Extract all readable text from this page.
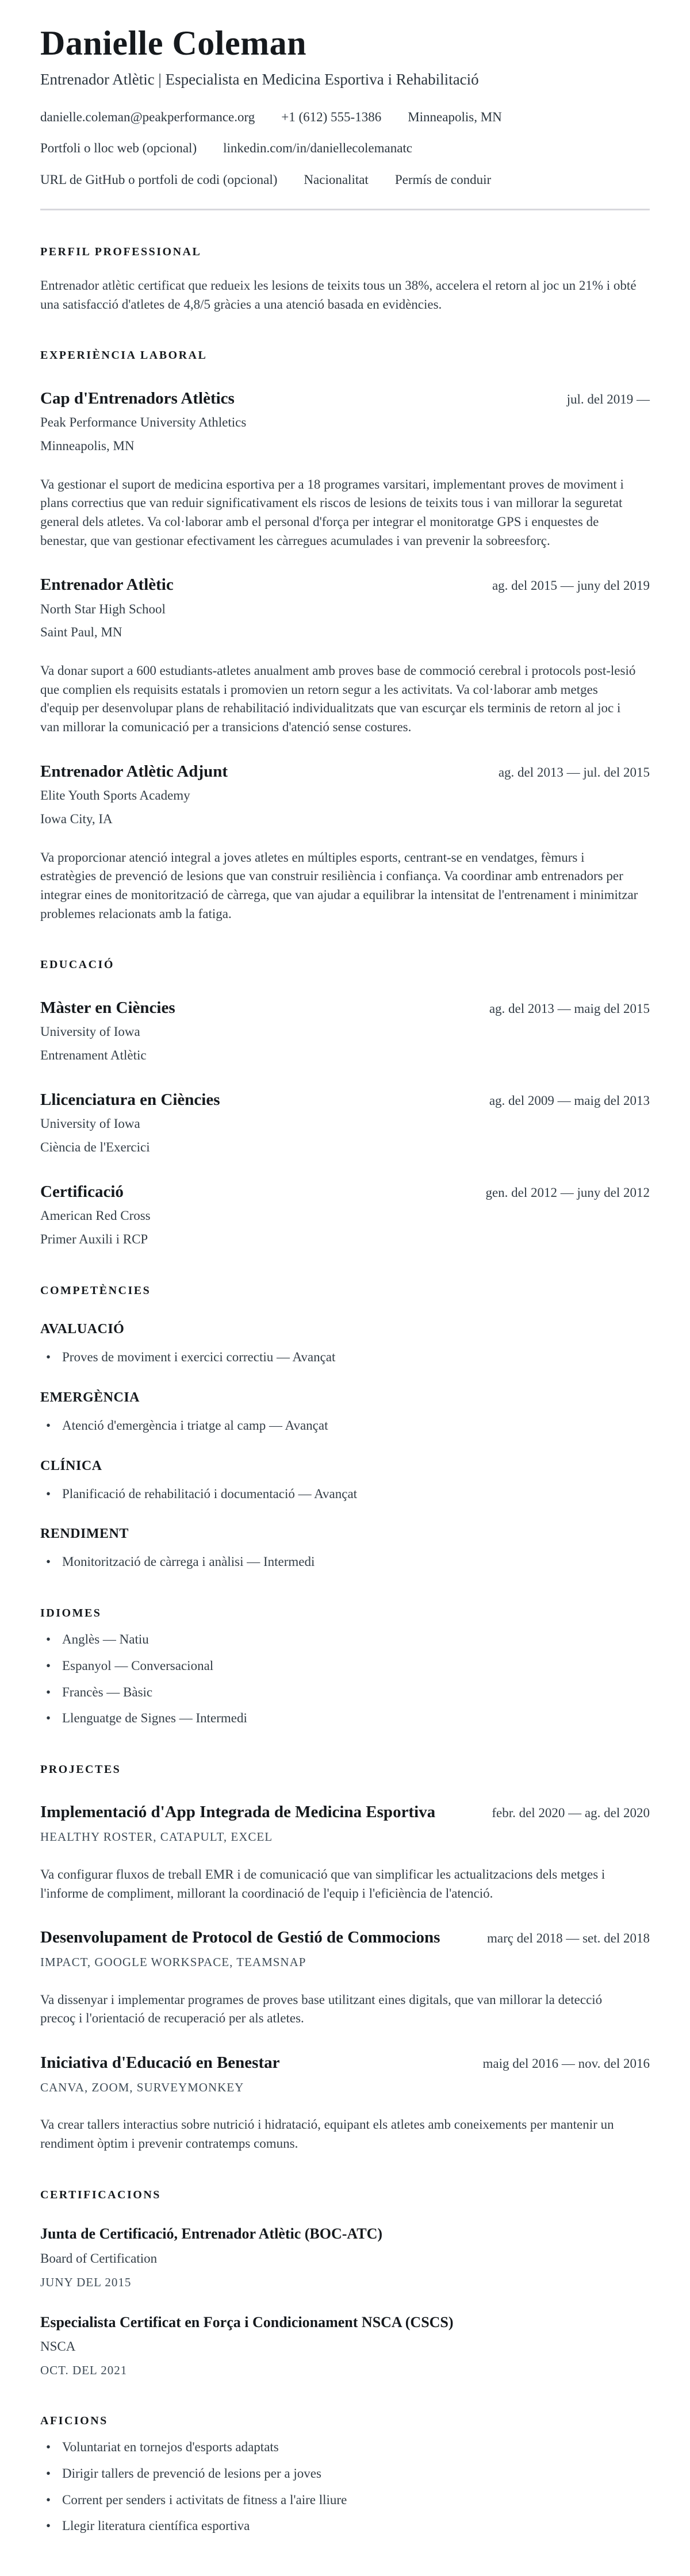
Danielle Coleman

Entrenador Atlètic | Especialista en Medicina Esportiva i Rehabilitació

danielle.coleman@peakperformance.org +1 (612) 555-1386 Minneapolis, MN
Portfoli o lloc web (opcional) linkedin.com/in/daniellecolemanatc
URL de GitHub o portfoli de codi (opcional) Nacionalitat Permís de conduir
PERFIL PROFESSIONAL

Entrenador atlètic certificat que redueix les lesions de teixits tous un 38%, accelera el retorn al joc un 21% i obté una satisfacció d'atletes de 4,8/5 gràcies a una atenció basada en evidències.

EXPERIÈNCIA LABORAL
Cap d'Entrenadors Atlètics	jul. del 2019 —

Peak Performance University Athletics

Minneapolis, MN

Va gestionar el suport de medicina esportiva per a 18 programes varsitari, implementant proves de moviment i plans correctius que van reduir significativament els riscos de lesions de teixits tous i van millorar la seguretat general dels atletes. Va col·laborar amb el personal d'força per integrar el monitoratge GPS i enquestes de benestar, que van gestionar efectivament les càrregues acumulades i van prevenir la sobreesforç.

Entrenador Atlètic	ag. del 2015 — juny del 2019

North Star High School

Saint Paul, MN

Va donar suport a 600 estudiants-atletes anualment amb proves base de commoció cerebral i protocols post-lesió que complien els requisits estatals i promovien un retorn segur a les activitats. Va col·laborar amb metges d'equip per desenvolupar plans de rehabilitació individualitzats que van escurçar els terminis de retorn al joc i van millorar la comunicació per a transicions d'atenció sense costures.

Entrenador Atlètic Adjunt	ag. del 2013 — jul. del 2015

Elite Youth Sports Academy

Iowa City, IA

Va proporcionar atenció integral a joves atletes en múltiples esports, centrant-se en vendatges, fèmurs i estratègies de prevenció de lesions que van construir resiliència i confiança. Va coordinar amb entrenadors per integrar eines de monitorització de càrrega, que van ajudar a equilibrar la intensitat de l'entrenament i minimitzar problemes relacionats amb la fatiga.

EDUCACIÓ
Màster en Ciències	ag. del 2013 — maig del 2015

University of Iowa

Entrenament Atlètic

Llicenciatura en Ciències	ag. del 2009 — maig del 2013

University of Iowa

Ciència de l'Exercici

Certificació	gen. del 2012 — juny del 2012

American Red Cross

Primer Auxili i RCP

COMPETÈNCIES
AVALUACIÓ
• Proves de moviment i exercici correctiu — Avançat
EMERGÈNCIA
• Atenció d'emergència i triatge al camp — Avançat
CLÍNICA
• Planificació de rehabilitació i documentació — Avançat
RENDIMENT
• Monitorització de càrrega i anàlisi — Intermedi
IDIOMES
• Anglès — Natiu
• Espanyol — Conversacional
• Francès — Bàsic
• Llenguatge de Signes — Intermedi
PROJECTES
Implementació d'App Integrada de Medicina Esportiva	febr. del 2020 — ag. del 2020

HEALTHY ROSTER, CATAPULT, EXCEL

Va configurar fluxos de treball EMR i de comunicació que van simplificar les actualitzacions dels metges i l'informe de compliment, millorant la coordinació de l'equip i l'eficiència de l'atenció.

Desenvolupament de Protocol de Gestió de Commocions	març del 2018 — set. del 2018

IMPACT, GOOGLE WORKSPACE, TEAMSNAP

Va dissenyar i implementar programes de proves base utilitzant eines digitals, que van millorar la detecció precoç i l'orientació de recuperació per als atletes.

Iniciativa d'Educació en Benestar	maig del 2016 — nov. del 2016

CANVA, ZOOM, SURVEYMONKEY

Va crear tallers interactius sobre nutrició i hidratació, equipant els atletes amb coneixements per mantenir un rendiment òptim i prevenir contratemps comuns.

CERTIFICACIONS
Junta de Certificació, Entrenador Atlètic (BOC-ATC)

Board of Certification

JUNY DEL 2015

Especialista Certificat en Força i Condicionament NSCA (CSCS)

NSCA

OCT. DEL 2021

AFICIONS
• Voluntariat en tornejos d'esports adaptats
• Dirigir tallers de prevenció de lesions per a joves
• Corrent per senders i activitats de fitness a l'aire lliure
• Llegir literatura científica esportiva
